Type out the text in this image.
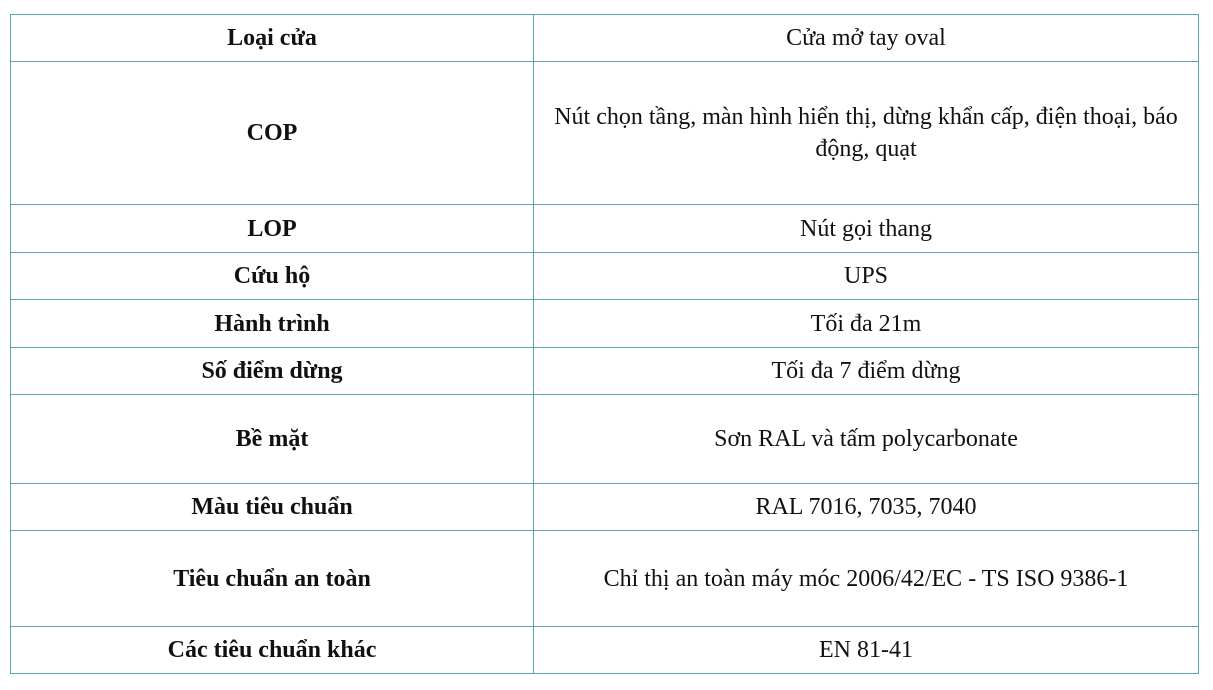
Loại cửa	Cửa mở tay oval
COP	Nút chọn tầng, màn hình hiển thị, dừng khẩn cấp, điện thoại, báo động, quạt
LOP	Nút gọi thang
Cứu hộ	UPS
Hành trình	Tối đa 21m
Số điểm dừng	Tối đa 7 điểm dừng
Bề mặt	Sơn RAL và tấm polycarbonate
Màu tiêu chuẩn	RAL 7016, 7035, 7040
Tiêu chuẩn an toàn	Chỉ thị an toàn máy móc 2006/42/EC - TS ISO 9386-1
Các tiêu chuẩn khác	EN 81-41
